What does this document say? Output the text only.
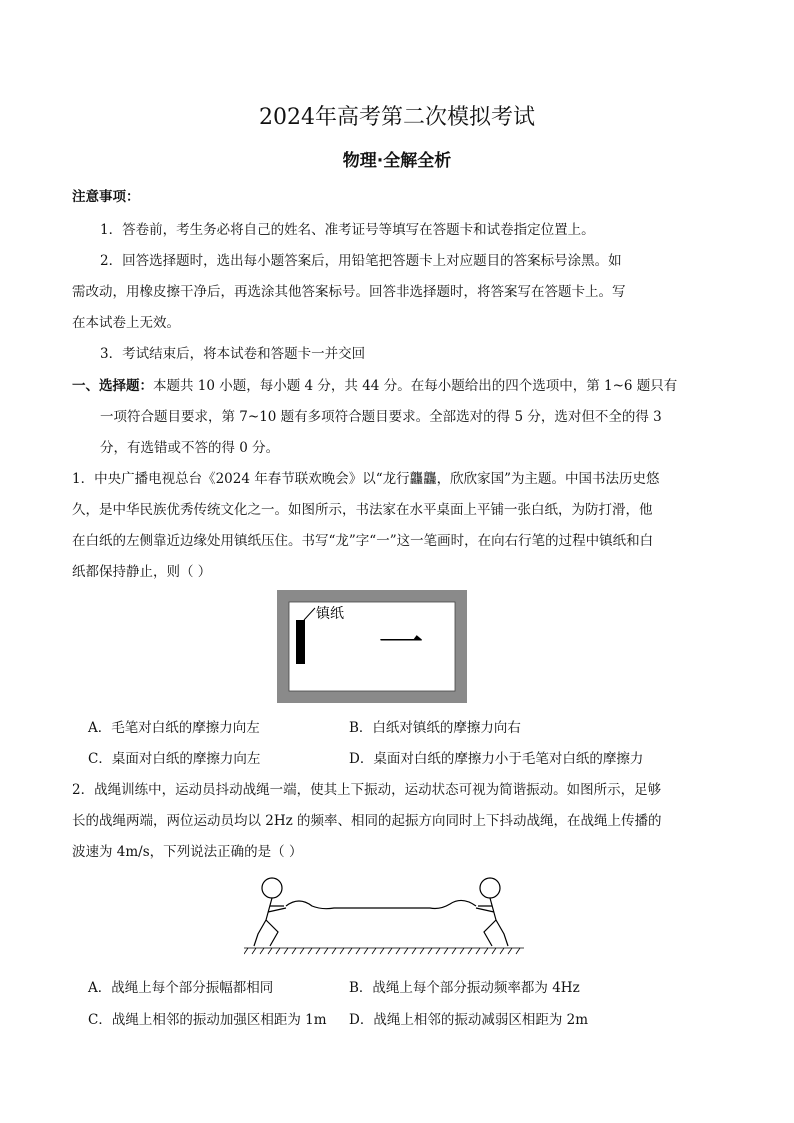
2024年高考第二次模拟考试
物理·全解全析
注意事项：
1．答卷前，考生务必将自己的姓名、准考证号等填写在答题卡和试卷指定位置上。
2．回答选择题时，选出每小题答案后，用铅笔把答题卡上对应题目的答案标号涂黑。如
需改动，用橡皮擦干净后，再选涂其他答案标号。回答非选择题时，将答案写在答题卡上。写
在本试卷上无效。
3．考试结束后，将本试卷和答题卡一并交回
一、选择题：本题共 10 小题，每小题 4 分，共 44 分。在每小题给出的四个选项中，第 1~6 题只有
一项符合题目要求，第 7~10 题有多项符合题目要求。全部选对的得 5 分，选对但不全的得 3
分，有选错或不答的得 0 分。
1．中央广播电视总台《2024 年春节联欢晚会》以“龙行龘龘，欣欣家国”为主题。中国书法历史悠
久，是中华民族优秀传统文化之一。如图所示，书法家在水平桌面上平铺一张白纸，为防打滑，他
在白纸的左侧靠近边缘处用镇纸压住。书写“龙”字“一”这一笔画时，在向右行笔的过程中镇纸和白
纸都保持静止，则（ ）
镇纸
一
A．毛笔对白纸的摩擦力向左	B．白纸对镇纸的摩擦力向右
C．桌面对白纸的摩擦力向左	D．桌面对白纸的摩擦力小于毛笔对白纸的摩擦力
2．战绳训练中，运动员抖动战绳一端，使其上下振动，运动状态可视为简谐振动。如图所示，足够
长的战绳两端，两位运动员均以 2Hz 的频率、相同的起振方向同时上下抖动战绳，在战绳上传播的
波速为 4m/s，下列说法正确的是（ ）
A．战绳上每个部分振幅都相同	B．战绳上每个部分振动频率都为 4Hz
C．战绳上相邻的振动加强区相距为 1m D．战绳上相邻的振动减弱区相距为 2m
